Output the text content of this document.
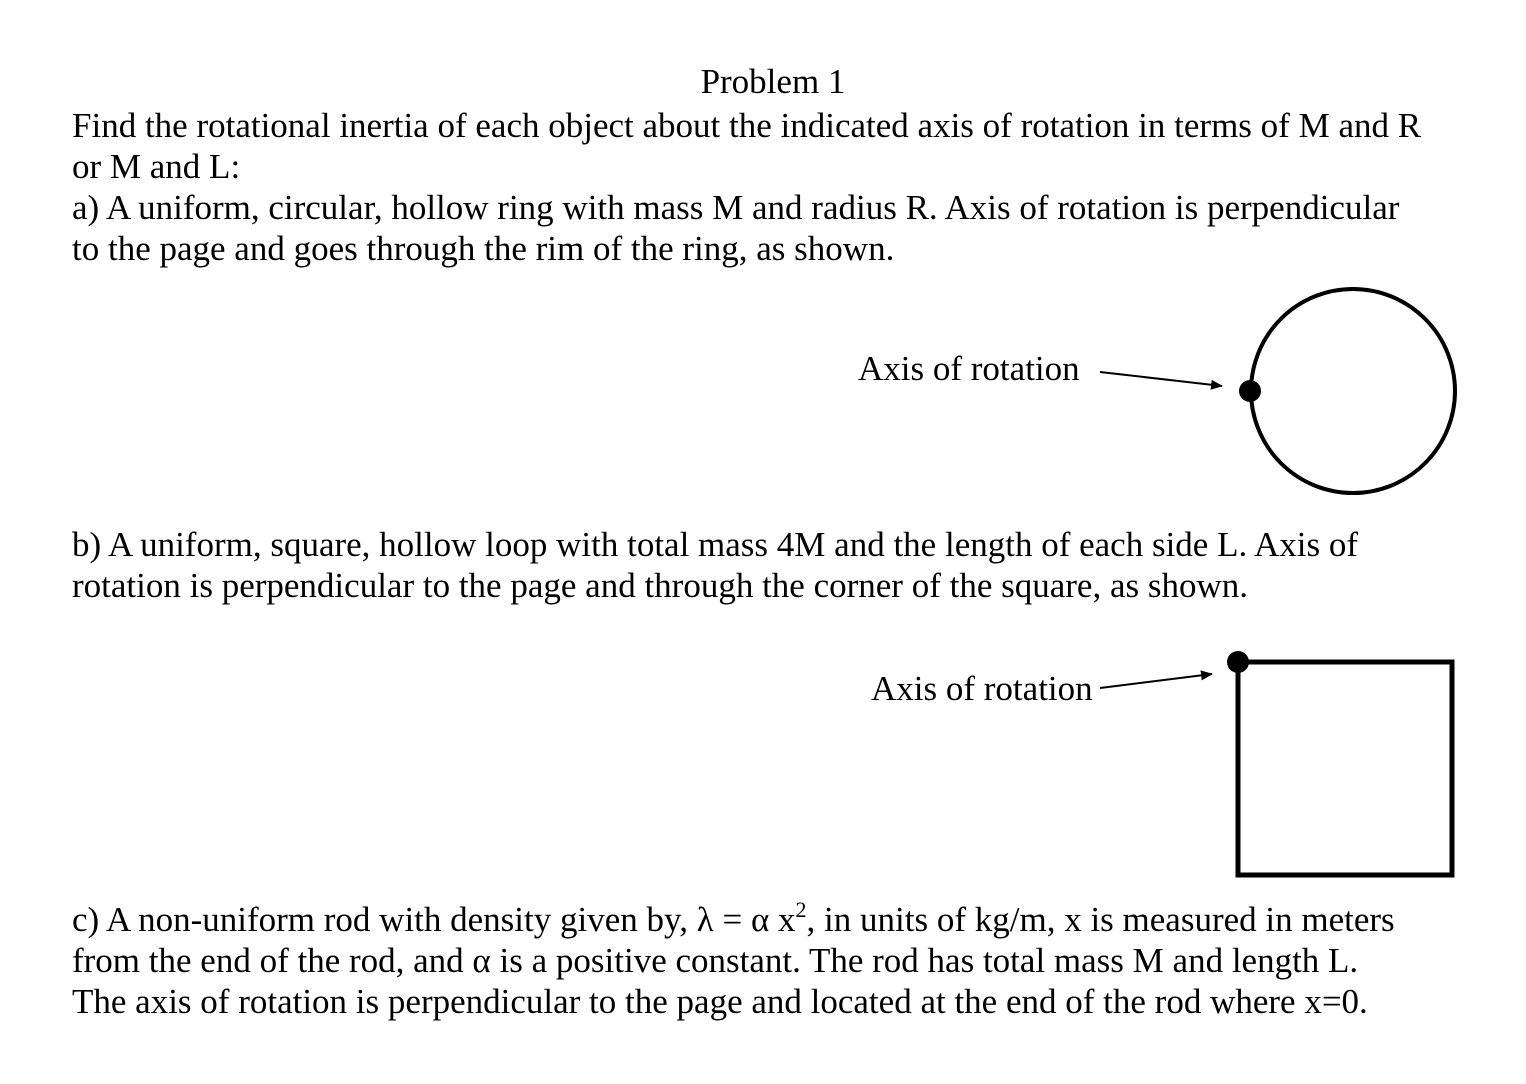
Problem 1
Find the rotational inertia of each object about the indicated axis of rotation in terms of M and R
or M and L:
a) A uniform, circular, hollow ring with mass M and radius R. Axis of rotation is perpendicular
to the page and goes through the rim of the ring, as shown.
Axis of rotation
b) A uniform, square, hollow loop with total mass 4M and the length of each side L. Axis of
rotation is perpendicular to the page and through the corner of the square, as shown.
Axis of rotation
c) A non-uniform rod with density given by, λ = α $x^2$, in units of kg/m, x is measured in meters
from the end of the rod, and α is a positive constant. The rod has total mass M and length L.
The axis of rotation is perpendicular to the page and located at the end of the rod where x=0.
